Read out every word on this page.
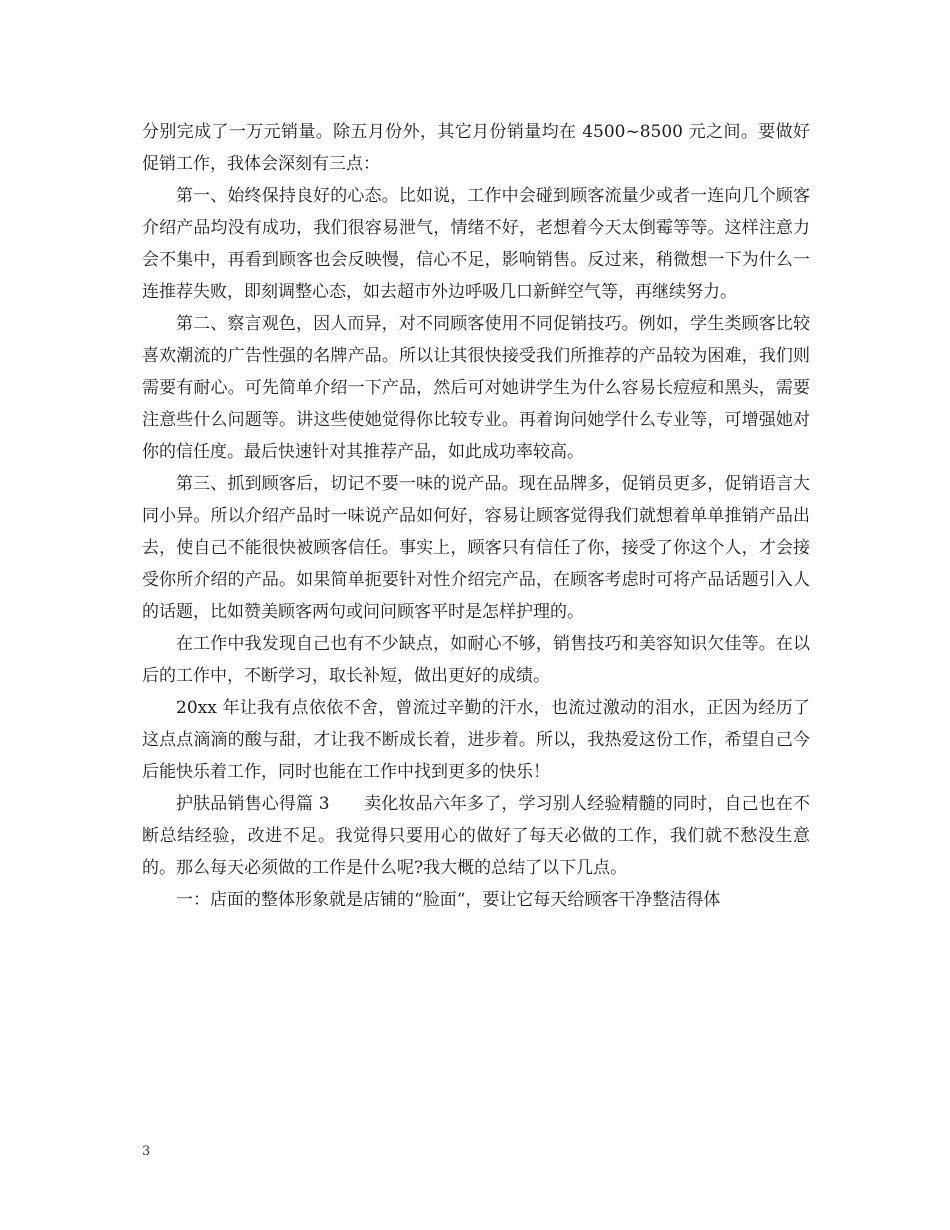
分别完成了一万元销量。除五月份外，其它月份销量均在 4500~8500 元之间。要做好促销工作，我体会深刻有三点：

第一、始终保持良好的心态。比如说，工作中会碰到顾客流量少或者一连向几个顾客介绍产品均没有成功，我们很容易泄气，情绪不好，老想着今天太倒霉等等。这样注意力会不集中，再看到顾客也会反映慢，信心不足，影响销售。反过来，稍微想一下为什么一连推荐失败，即刻调整心态，如去超市外边呼吸几口新鲜空气等，再继续努力。

第二、察言观色，因人而异，对不同顾客使用不同促销技巧。例如，学生类顾客比较喜欢潮流的广告性强的名牌产品。所以让其很快接受我们所推荐的产品较为困难，我们则需要有耐心。可先简单介绍一下产品，然后可对她讲学生为什么容易长痘痘和黑头，需要注意些什么问题等。讲这些使她觉得你比较专业。再着询问她学什么专业等，可增强她对你的信任度。最后快速针对其推荐产品，如此成功率较高。

第三、抓到顾客后，切记不要一味的说产品。现在品牌多，促销员更多，促销语言大同小异。所以介绍产品时一味说产品如何好，容易让顾客觉得我们就想着单单推销产品出去，使自己不能很快被顾客信任。事实上，顾客只有信任了你，接受了你这个人，才会接受你所介绍的产品。如果简单扼要针对性介绍完产品，在顾客考虑时可将产品话题引入人的话题，比如赞美顾客两句或问问顾客平时是怎样护理的。

在工作中我发现自己也有不少缺点，如耐心不够，销售技巧和美容知识欠佳等。在以后的工作中，不断学习，取长补短，做出更好的成绩。

20xx 年让我有点依依不舍，曾流过辛勤的汗水，也流过激动的泪水，正因为经历了这点点滴滴的酸与甜，才让我不断成长着，进步着。所以，我热爱这份工作，希望自己今后能快乐着工作，同时也能在工作中找到更多的快乐！

护肤品销售心得篇 3　　卖化妆品六年多了，学习别人经验精髓的同时，自己也在不断总结经验，改进不足。我觉得只要用心的做好了每天必做的工作，我们就不愁没生意的。那么每天必须做的工作是什么呢?我大概的总结了以下几点。

一：店面的整体形象就是店铺的“脸面“，要让它每天给顾客干净整洁得体

3
